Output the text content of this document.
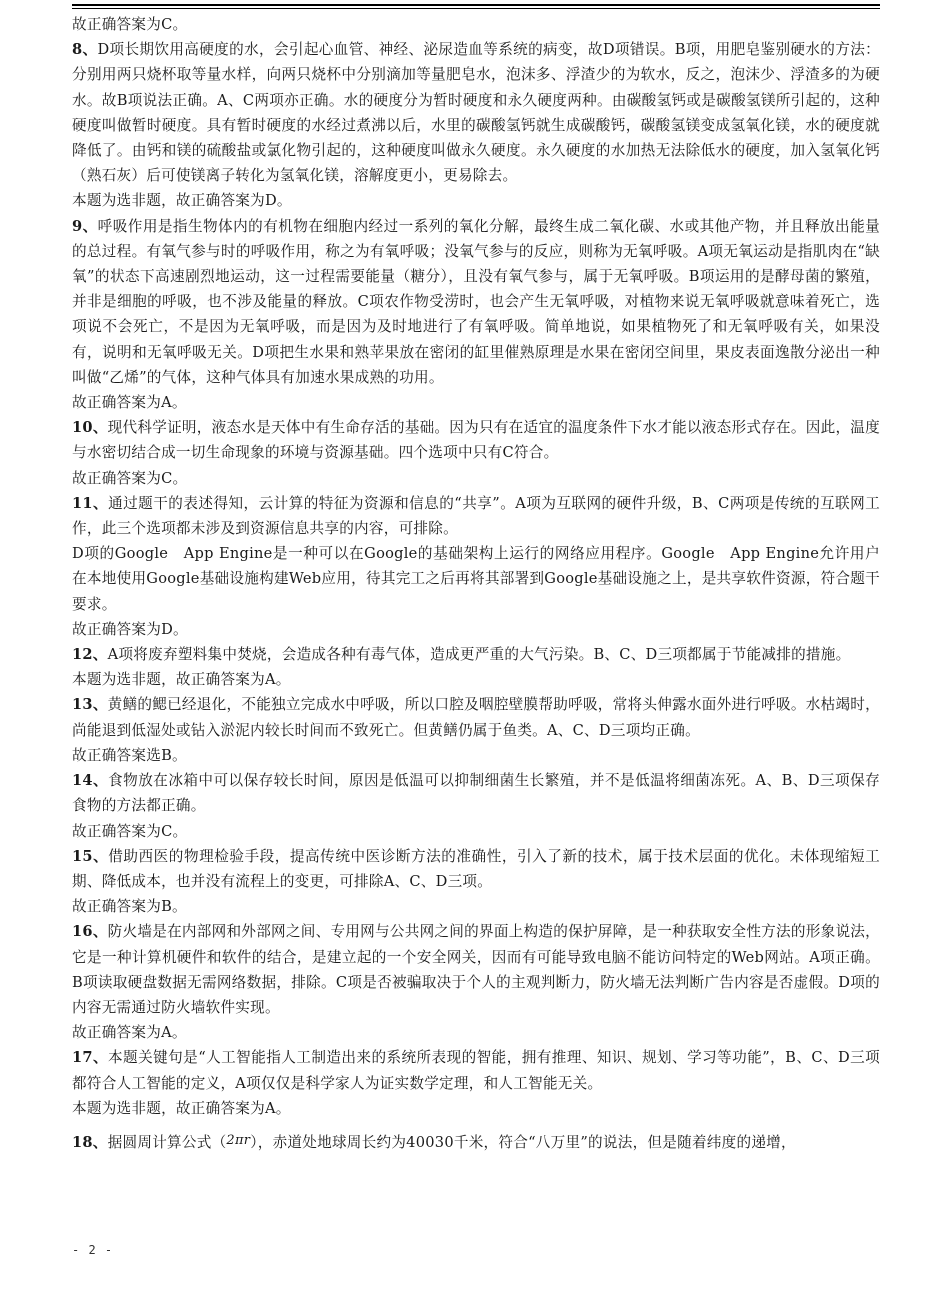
故正确答案为C。

8、D项长期饮用高硬度的水，会引起心血管、神经、泌尿造血等系统的病变，故D项错误。B项，用肥皂鉴别硬水的方法：分别用两只烧杯取等量水样，向两只烧杯中分别滴加等量肥皂水，泡沫多、浮渣少的为软水，反之，泡沫少、浮渣多的为硬水。故B项说法正确。A、C两项亦正确。水的硬度分为暂时硬度和永久硬度两种。由碳酸氢钙或是碳酸氢镁所引起的，这种硬度叫做暂时硬度。具有暂时硬度的水经过煮沸以后，水里的碳酸氢钙就生成碳酸钙，碳酸氢镁变成氢氧化镁，水的硬度就降低了。由钙和镁的硫酸盐或氯化物引起的，这种硬度叫做永久硬度。永久硬度的水加热无法除低水的硬度，加入氢氧化钙（熟石灰）后可使镁离子转化为氢氧化镁，溶解度更小，更易除去。

本题为选非题，故正确答案为D。

9、呼吸作用是指生物体内的有机物在细胞内经过一系列的氧化分解，最终生成二氧化碳、水或其他产物，并且释放出能量的总过程。有氧气参与时的呼吸作用，称之为有氧呼吸；没氧气参与的反应，则称为无氧呼吸。A项无氧运动是指肌肉在“缺氧”的状态下高速剧烈地运动，这一过程需要能量（糖分），且没有氧气参与，属于无氧呼吸。B项运用的是酵母菌的繁殖，并非是细胞的呼吸，也不涉及能量的释放。C项农作物受涝时，也会产生无氧呼吸，对植物来说无氧呼吸就意味着死亡，选项说不会死亡，不是因为无氧呼吸，而是因为及时地进行了有氧呼吸。简单地说，如果植物死了和无氧呼吸有关，如果没有，说明和无氧呼吸无关。D项把生水果和熟苹果放在密闭的缸里催熟原理是水果在密闭空间里，果皮表面逸散分泌出一种叫做“乙烯”的气体，这种气体具有加速水果成熟的功用。

故正确答案为A。

10、现代科学证明，液态水是天体中有生命存活的基础。因为只有在适宜的温度条件下水才能以液态形式存在。因此，温度与水密切结合成一切生命现象的环境与资源基础。四个选项中只有C符合。

故正确答案为C。

11、通过题干的表述得知，云计算的特征为资源和信息的“共享”。A项为互联网的硬件升级，B、C两项是传统的互联网工作，此三个选项都未涉及到资源信息共享的内容，可排除。

D项的Google　App Engine是一种可以在Google的基础架构上运行的网络应用程序。Google　App Engine允许用户在本地使用Google基础设施构建Web应用，待其完工之后再将其部署到Google基础设施之上，是共享软件资源，符合题干要求。

故正确答案为D。

12、A项将废弃塑料集中焚烧，会造成各种有毒气体，造成更严重的大气污染。B、C、D三项都属于节能减排的措施。

本题为选非题，故正确答案为A。

13、黄鳝的鳃已经退化，不能独立完成水中呼吸，所以口腔及咽腔壁膜帮助呼吸，常将头伸露水面外进行呼吸。水枯竭时，尚能退到低湿处或钻入淤泥内较长时间而不致死亡。但黄鳝仍属于鱼类。A、C、D三项均正确。

故正确答案选B。

14、食物放在冰箱中可以保存较长时间，原因是低温可以抑制细菌生长繁殖，并不是低温将细菌冻死。A、B、D三项保存食物的方法都正确。

故正确答案为C。

15、借助西医的物理检验手段，提高传统中医诊断方法的准确性，引入了新的技术，属于技术层面的优化。未体现缩短工期、降低成本，也并没有流程上的变更，可排除A、C、D三项。

故正确答案为B。

16、防火墙是在内部网和外部网之间、专用网与公共网之间的界面上构造的保护屏障，是一种获取安全性方法的形象说法，它是一种计算机硬件和软件的结合，是建立起的一个安全网关，因而有可能导致电脑不能访问特定的Web网站。A项正确。B项读取硬盘数据无需网络数据，排除。C项是否被骗取决于个人的主观判断力，防火墙无法判断广告内容是否虚假。D项的内容无需通过防火墙软件实现。

故正确答案为A。

17、本题关键句是“人工智能指人工制造出来的系统所表现的智能，拥有推理、知识、规划、学习等功能”，B、C、D三项都符合人工智能的定义，A项仅仅是科学家人为证实数学定理，和人工智能无关。

本题为选非题，故正确答案为A。

18、据圆周计算公式（2πr），赤道处地球周长约为40030千米，符合“八万里”的说法，但是随着纬度的递增，

- 2 -
